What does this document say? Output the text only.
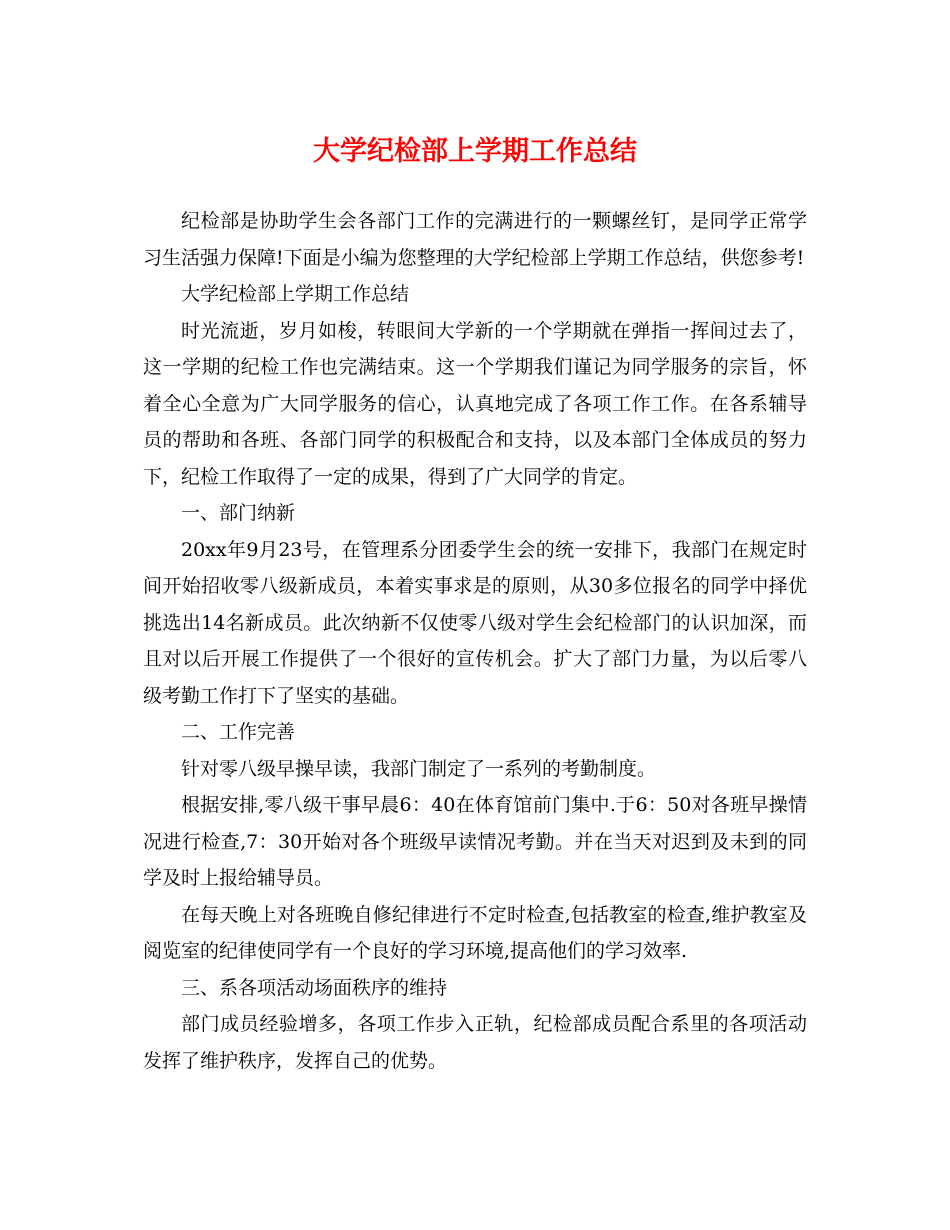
大学纪检部上学期工作总结

纪检部是协助学生会各部门工作的完满进行的一颗螺丝钉，是同学正常学习生活强力保障!下面是小编为您整理的大学纪检部上学期工作总结，供您参考!

大学纪检部上学期工作总结

时光流逝，岁月如梭，转眼间大学新的一个学期就在弹指一挥间过去了，这一学期的纪检工作也完满结束。这一个学期我们谨记为同学服务的宗旨，怀着全心全意为广大同学服务的信心，认真地完成了各项工作工作。在各系辅导员的帮助和各班、各部门同学的积极配合和支持，以及本部门全体成员的努力下，纪检工作取得了一定的成果，得到了广大同学的肯定。

一、部门纳新

20xx年9月23号，在管理系分团委学生会的统一安排下，我部门在规定时间开始招收零八级新成员，本着实事求是的原则，从30多位报名的同学中择优挑选出14名新成员。此次纳新不仅使零八级对学生会纪检部门的认识加深，而且对以后开展工作提供了一个很好的宣传机会。扩大了部门力量，为以后零八级考勤工作打下了坚实的基础。

二、工作完善

针对零八级早操早读，我部门制定了一系列的考勤制度。

根据安排,零八级干事早晨6：40在体育馆前门集中.于6：50对各班早操情况进行检查,7：30开始对各个班级早读情况考勤。并在当天对迟到及未到的同学及时上报给辅导员。

在每天晚上对各班晚自修纪律进行不定时检查,包括教室的检查,维护教室及阅览室的纪律使同学有一个良好的学习环境,提高他们的学习效率.

三、系各项活动场面秩序的维持

部门成员经验增多，各项工作步入正轨，纪检部成员配合系里的各项活动发挥了维护秩序，发挥自己的优势。
